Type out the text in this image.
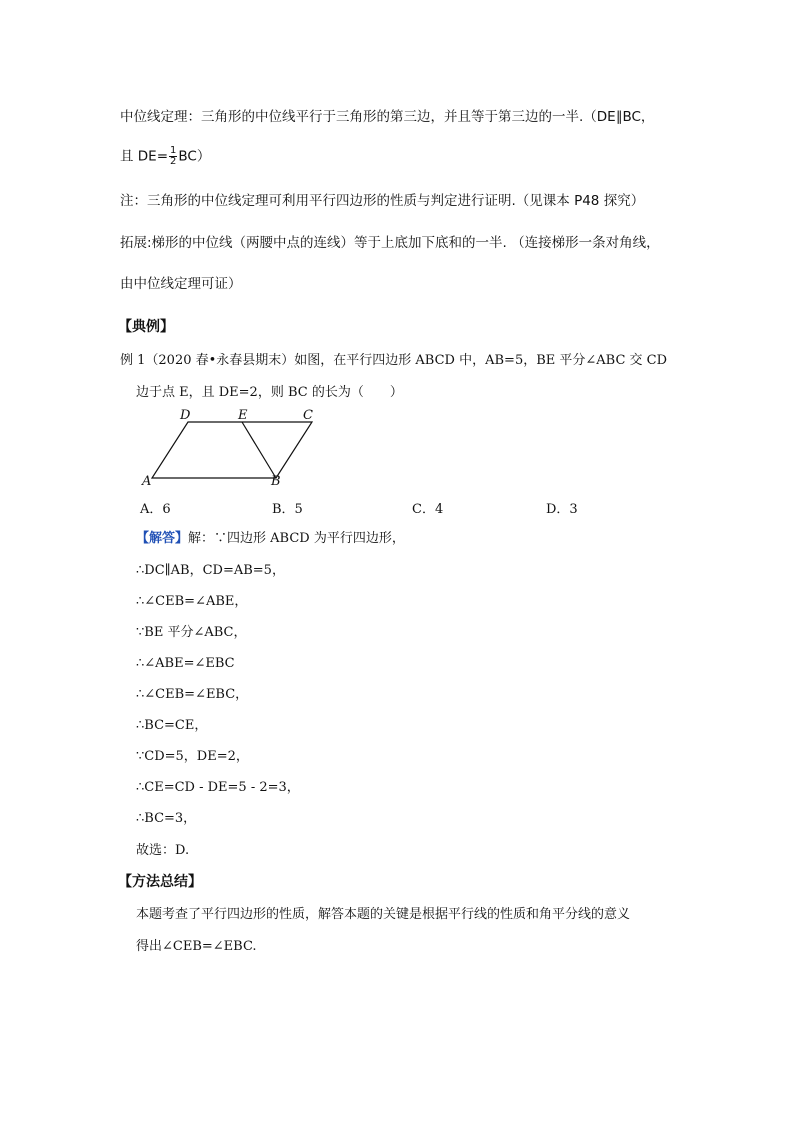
中位线定理：三角形的中位线平行于三角形的第三边，并且等于第三边的一半.（DE∥BC，
且 $DE= \frac{1}{2} BC$）
注：三角形的中位线定理可利用平行四边形的性质与判定进行证明.（见课本 P48 探究）
拓展:梯形的中位线（两腰中点的连线）等于上底加下底和的一半. （连接梯形一条对角线，
由中位线定理可证）
【典例】
例 1（2020 春•永春县期末）如图，在平行四边形 ABCD 中，AB=5，BE 平分∠ABC 交 CD
边于点 E，且 DE=2，则 BC 的长为（　　）
D	E	C
A	B
A．6	B．5	C．4	D．3
【解答】解：∵四边形 ABCD 为平行四边形，
∴DC∥AB，CD=AB=5，
∴∠CEB=∠ABE，
∵BE 平分∠ABC，
∴∠ABE=∠EBC
∴∠CEB=∠EBC，
∴BC=CE，
∵CD=5，DE=2，
∴CE=CD - DE=5 - 2=3，
∴BC=3，
故选：D.
【方法总结】
本题考查了平行四边形的性质，解答本题的关键是根据平行线的性质和角平分线的意义
得出∠CEB=∠EBC.
